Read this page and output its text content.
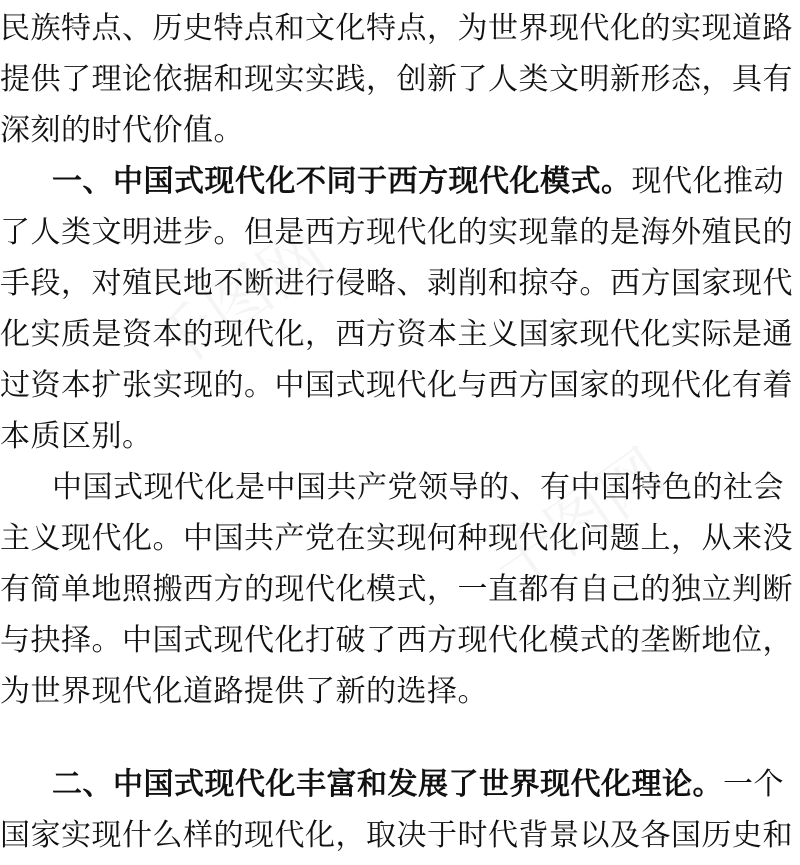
民族特点、历史特点和文化特点，为世界现代化的实现道路
提供了理论依据和现实实践，创新了人类文明新形态，具有
深刻的时代价值。
一、中国式现代化不同于西方现代化模式。现代化推动
了人类文明进步。但是西方现代化的实现靠的是海外殖民的
手段，对殖民地不断进行侵略、剥削和掠夺。西方国家现代
化实质是资本的现代化，西方资本主义国家现代化实际是通
过资本扩张实现的。中国式现代化与西方国家的现代化有着
本质区别。
中国式现代化是中国共产党领导的、有中国特色的社会
主义现代化。中国共产党在实现何种现代化问题上，从来没
有简单地照搬西方的现代化模式，一直都有自己的独立判断
与抉择。中国式现代化打破了西方现代化模式的垄断地位，
为世界现代化道路提供了新的选择。
二、中国式现代化丰富和发展了世界现代化理论。一个
国家实现什么样的现代化，取决于时代背景以及各国历史和
